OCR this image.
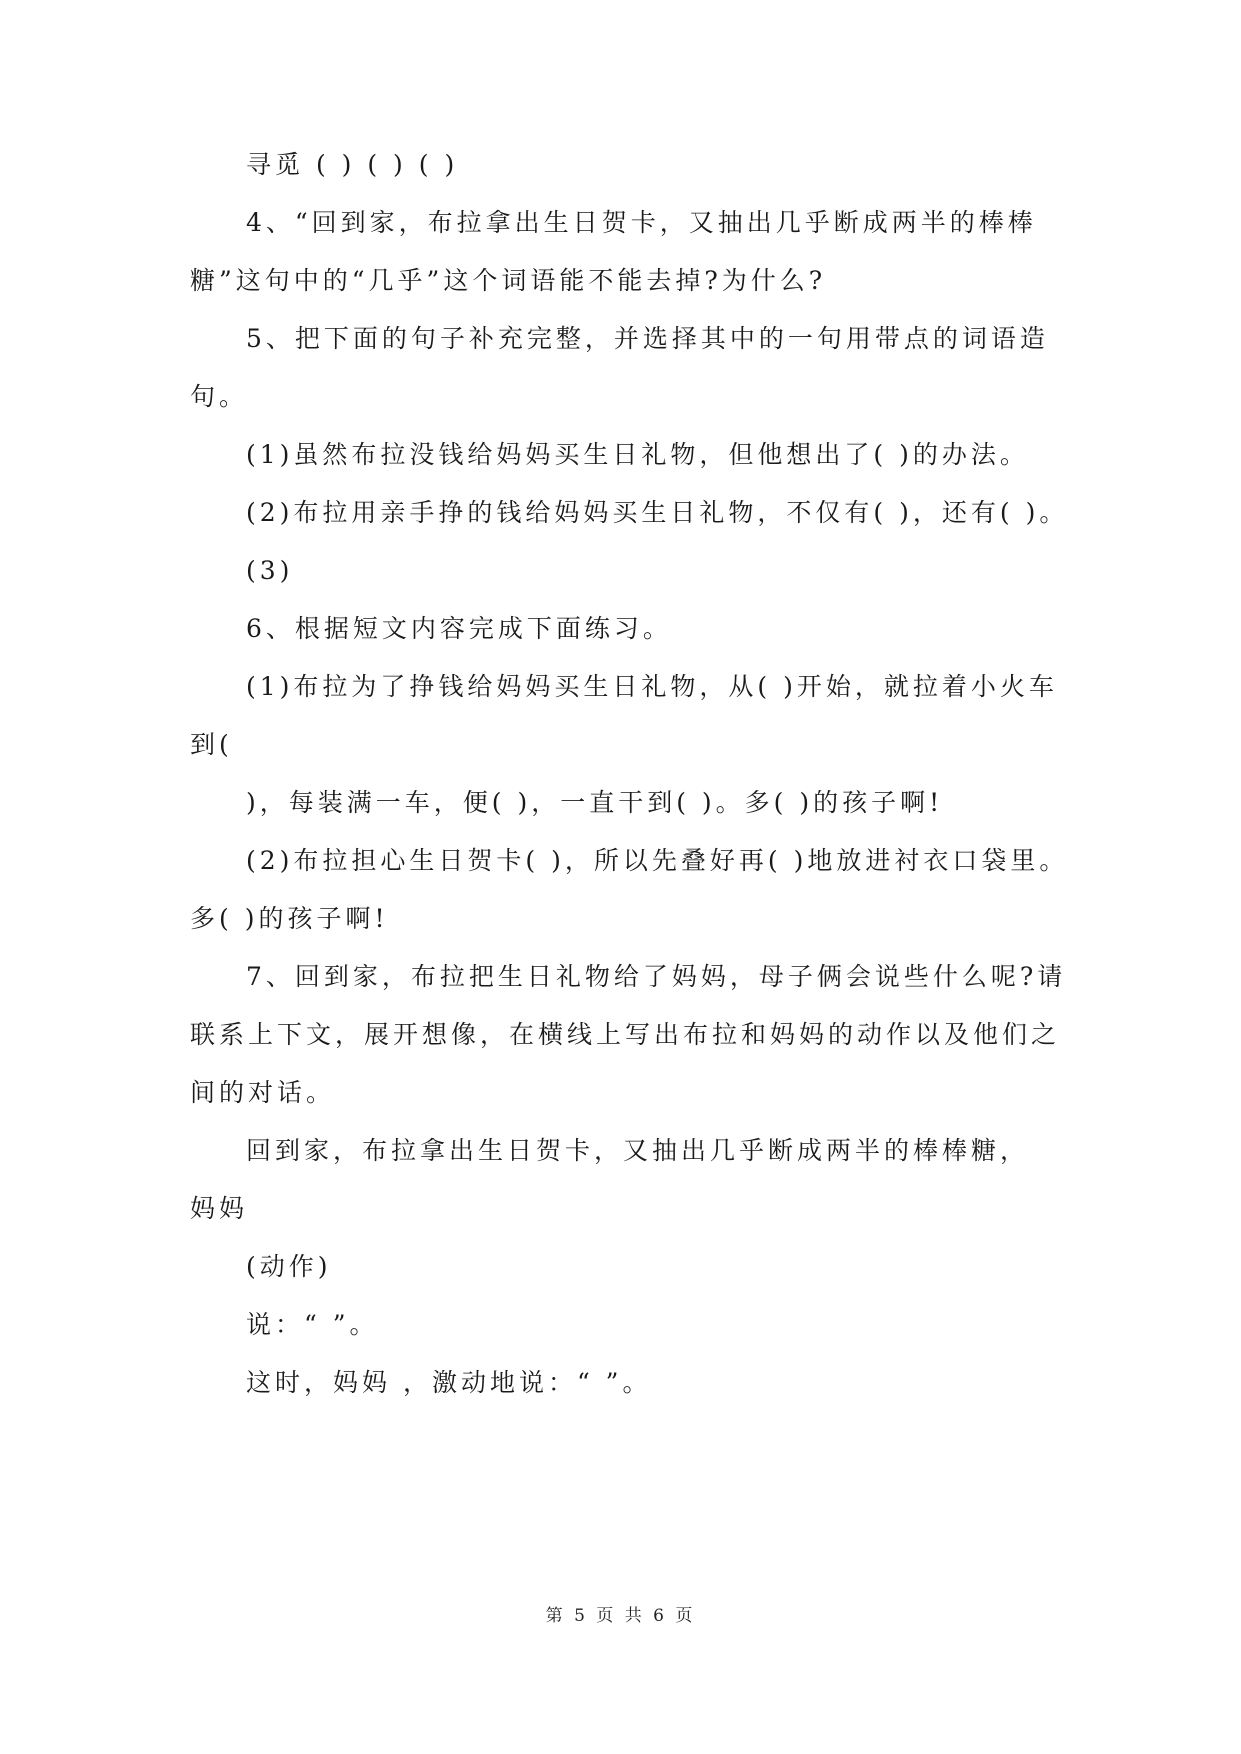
寻觅 ( ) ( ) ( )
4、“回到家，布拉拿出生日贺卡，又抽出几乎断成两半的棒棒
糖”这句中的“几乎”这个词语能不能去掉?为什么?
5、把下面的句子补充完整，并选择其中的一句用带点的词语造
句。
(1)虽然布拉没钱给妈妈买生日礼物，但他想出了( )的办法。
(2)布拉用亲手挣的钱给妈妈买生日礼物，不仅有( )，还有( )。
(3)
6、根据短文内容完成下面练习。
(1)布拉为了挣钱给妈妈买生日礼物，从( )开始，就拉着小火车
到(
)，每装满一车，便( )，一直干到( )。多( )的孩子啊!
(2)布拉担心生日贺卡( )，所以先叠好再( )地放进衬衣口袋里。
多( )的孩子啊!
7、回到家，布拉把生日礼物给了妈妈，母子俩会说些什么呢?请
联系上下文，展开想像，在横线上写出布拉和妈妈的动作以及他们之
间的对话。
回到家，布拉拿出生日贺卡，又抽出几乎断成两半的棒棒糖，
妈妈
(动作)
说：“ ”。
这时，妈妈 ，激动地说：“ ”。
第 5 页 共 6 页
